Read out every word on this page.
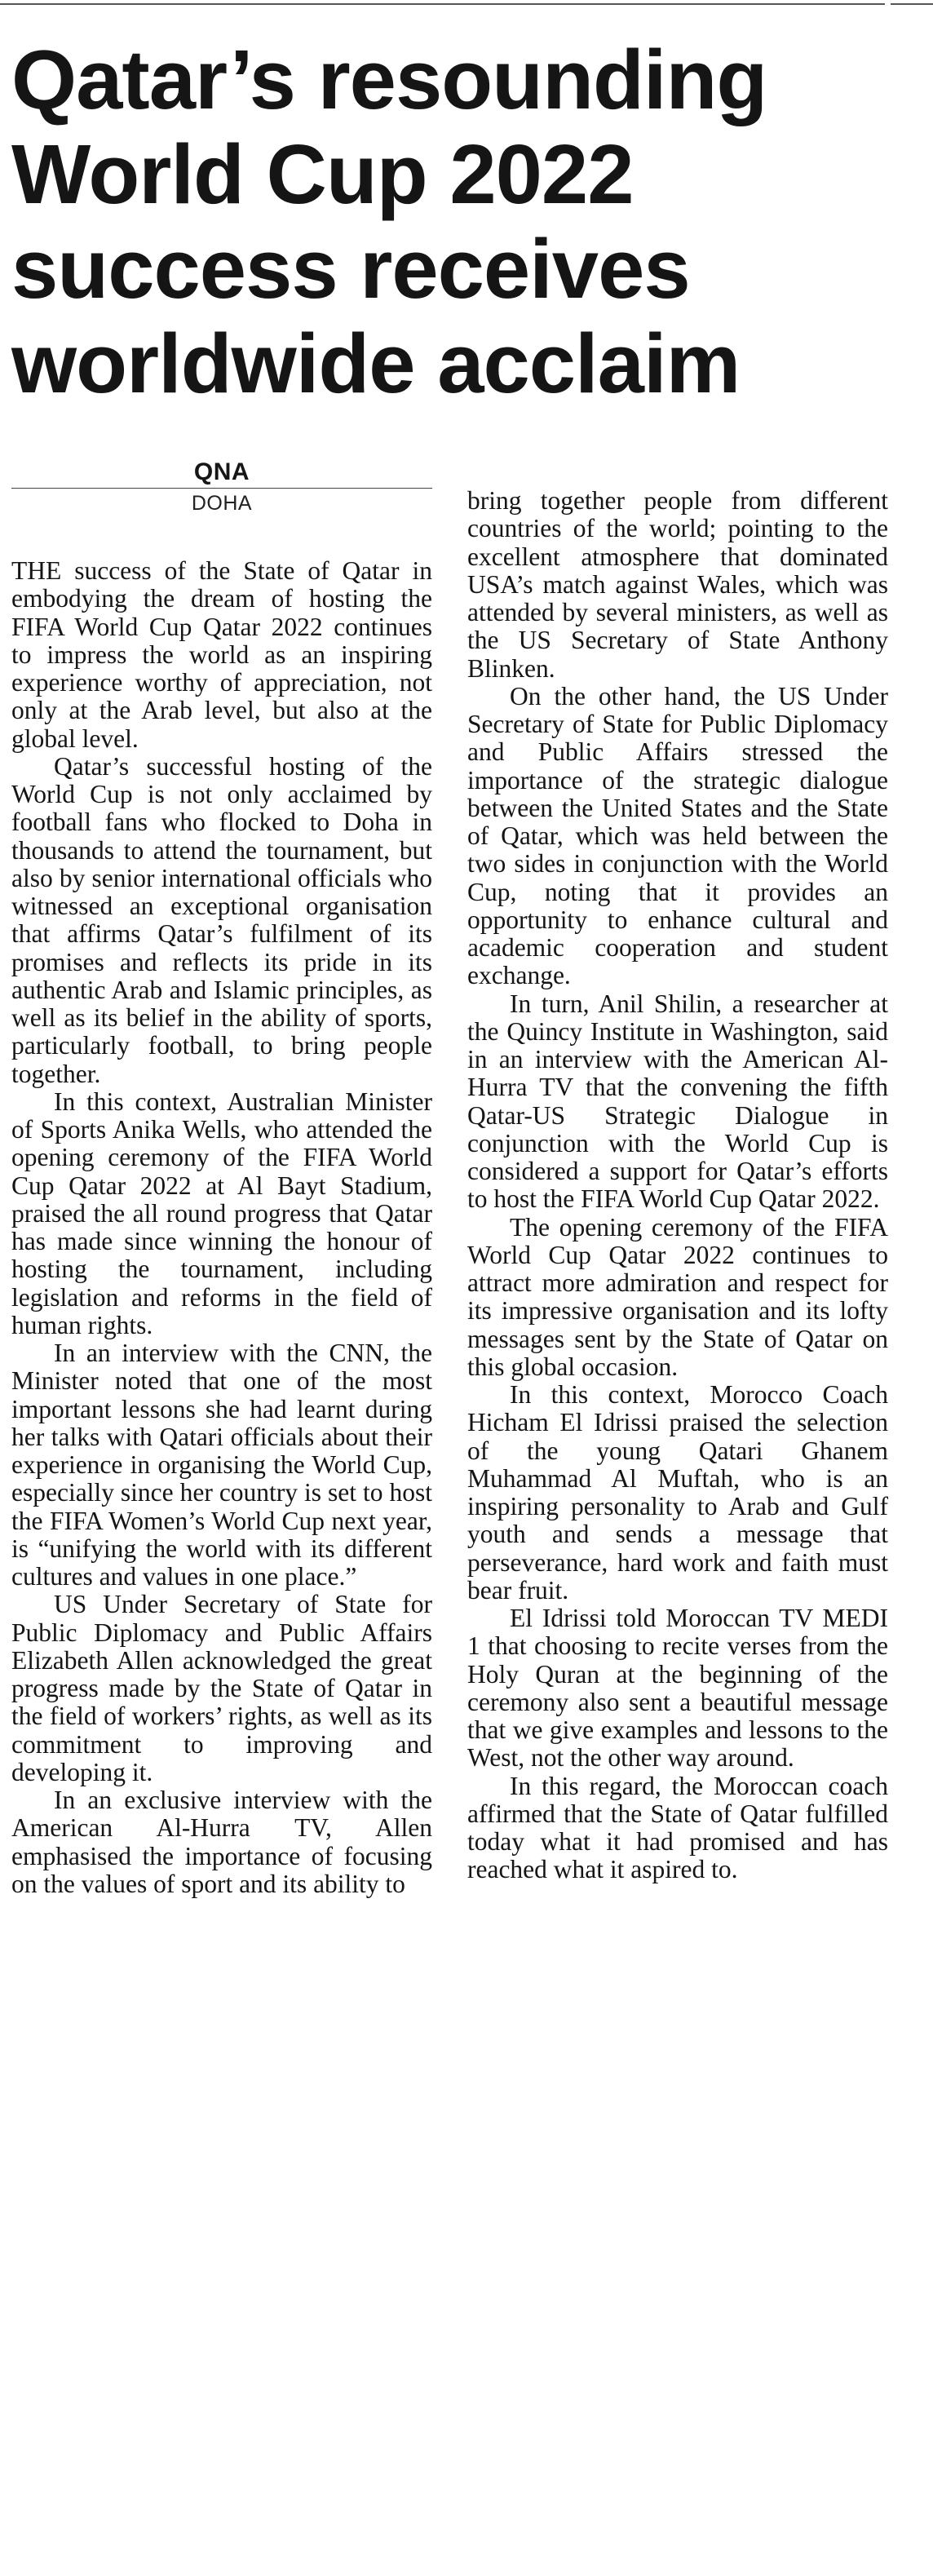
Qatar’s resounding
World Cup 2022
success receives
worldwide acclaim
QNA
DOHA

THE success of the State of Qatar in embodying the dream of hosting the FIFA World Cup Qatar 2022 continues to impress the world as an inspiring experience worthy of appreciation, not only at the Arab level, but also at the global level.

Qatar’s successful hosting of the World Cup is not only acclaimed by football fans who flocked to Doha in thousands to attend the tournament, but also by senior international officials who witnessed an exceptional organisation that affirms Qatar’s fulfilment of its promises and reflects its pride in its authentic Arab and Islamic principles, as well as its belief in the ability of sports, particularly football, to bring people together.

In this context, Australian Minister of Sports Anika Wells, who attended the opening ceremony of the FIFA World Cup Qatar 2022 at Al Bayt Stadium, praised the all round progress that Qatar has made since winning the honour of hosting the tournament, including legislation and reforms in the field of human rights.

In an interview with the CNN, the Minister noted that one of the most important lessons she had learnt during her talks with Qatari officials about their experience in organising the World Cup, especially since her country is set to host the FIFA Women’s World Cup next year, is “unifying the world with its different cultures and values in one place.”

US Under Secretary of State for Public Diplomacy and Public Affairs Elizabeth Allen acknowledged the great progress made by the State of Qatar in the field of workers’ rights, as well as its commitment to improving and developing it.

In an exclusive interview with the American Al-Hurra TV, Allen emphasised the importance of focusing on the values of sport and its ability to

bring together people from different countries of the world; pointing to the excellent atmosphere that dominated USA’s match against Wales, which was attended by several ministers, as well as the US Secretary of State Anthony Blinken.

On the other hand, the US Under Secretary of State for Public Diplomacy and Public Affairs stressed the importance of the strategic dialogue between the United States and the State of Qatar, which was held between the two sides in conjunction with the World Cup, noting that it provides an opportunity to enhance cultural and academic cooperation and student exchange.

In turn, Anil Shilin, a researcher at the Quincy Institute in Washington, said in an interview with the American Al-Hurra TV that the convening the fifth Qatar-US Strategic Dialogue in conjunction with the World Cup is considered a support for Qatar’s efforts to host the FIFA World Cup Qatar 2022.

The opening ceremony of the FIFA World Cup Qatar 2022 continues to attract more admiration and respect for its impressive organisation and its lofty messages sent by the State of Qatar on this global occasion.

In this context, Morocco Coach Hicham El Idrissi praised the selection of the young Qatari Ghanem Muhammad Al Muftah, who is an inspiring personality to Arab and Gulf youth and sends a message that perseverance, hard work and faith must bear fruit.

El Idrissi told Moroccan TV MEDI 1 that choosing to recite verses from the Holy Quran at the beginning of the ceremony also sent a beautiful message that we give examples and lessons to the West, not the other way around.

In this regard, the Moroccan coach affirmed that the State of Qatar fulfilled today what it had promised and has reached what it aspired to.
